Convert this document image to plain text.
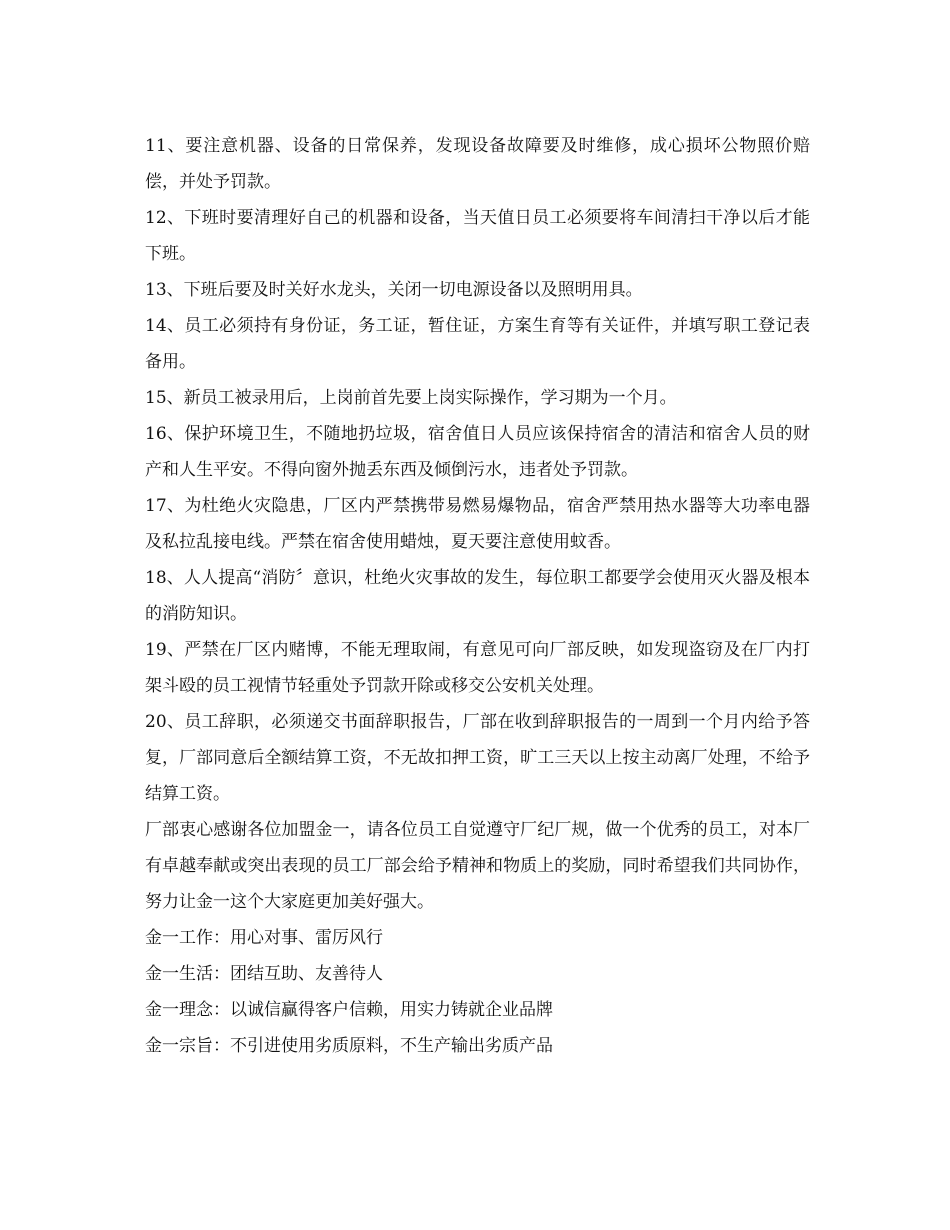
11、要注意机器、设备的日常保养，发现设备故障要及时维修，成心损坏公物照价赔偿，并处予罚款。

12、下班时要清理好自己的机器和设备，当天值日员工必须要将车间清扫干净以后才能下班。

13、下班后要及时关好水龙头，关闭一切电源设备以及照明用具。

14、员工必须持有身份证，务工证，暂住证，方案生育等有关证件，并填写职工登记表备用。

15、新员工被录用后，上岗前首先要上岗实际操作，学习期为一个月。

16、保护环境卫生，不随地扔垃圾，宿舍值日人员应该保持宿舍的清洁和宿舍人员的财产和人生平安。不得向窗外抛丢东西及倾倒污水，违者处予罚款。

17、为杜绝火灾隐患，厂区内严禁携带易燃易爆物品，宿舍严禁用热水器等大功率电器及私拉乱接电线。严禁在宿舍使用蜡烛，夏天要注意使用蚊香。

18、人人提高“消防〞意识，杜绝火灾事故的发生，每位职工都要学会使用灭火器及根本的消防知识。

19、严禁在厂区内赌博，不能无理取闹，有意见可向厂部反映，如发现盗窃及在厂内打架斗殴的员工视情节轻重处予罚款开除或移交公安机关处理。

20、员工辞职，必须递交书面辞职报告，厂部在收到辞职报告的一周到一个月内给予答复，厂部同意后全额结算工资，不无故扣押工资，旷工三天以上按主动离厂处理，不给予结算工资。

厂部衷心感谢各位加盟金一，请各位员工自觉遵守厂纪厂规，做一个优秀的员工，对本厂有卓越奉献或突出表现的员工厂部会给予精神和物质上的奖励，同时希望我们共同协作，努力让金一这个大家庭更加美好强大。

金一工作：用心对事、雷厉风行

金一生活：团结互助、友善待人

金一理念：以诚信赢得客户信赖，用实力铸就企业品牌

金一宗旨：不引进使用劣质原料，不生产输出劣质产品
